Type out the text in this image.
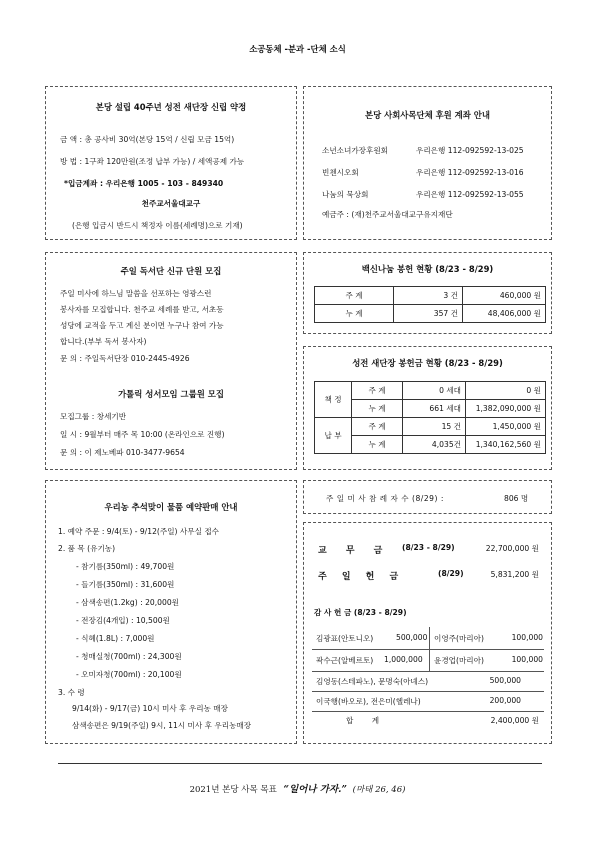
소공동체 -분과 -단체 소식
본당 설립 40주년 성전 새단장 신립 약정
금 액 : 총 공사비 30억(본당 15억 / 신립 모금 15억)
방 법 : 1구좌 120만원(조정 납부 가능) / 세액공제 가능
*입금계좌 : 우리은행 1005 - 103 - 849340
천주교서울대교구
(은행 입금시 반드시 책정자 이름(세례명)으로 기재)
본당 사회사목단체 후원 계좌 안내
소년소녀가장후원회	우리은행 112-092592-13-025
빈첸시오회	우리은행 112-092592-13-016
나눔의 묵상회	우리은행 112-092592-13-055
예금주 : (재)천주교서울대교구유지재단
주일 독서단 신규 단원 모집
주일 미사에 하느님 말씀을 선포하는 영광스런
봉사자를 모집합니다. 천주교 세례를 받고, 서초동
성당에 교적을 두고 계신 분이면 누구나 참여 가능
합니다.(부부 독서 봉사자)
문 의 : 주일독서단장 010-2445-4926
가톨릭 성서모임 그룹원 모집
모집그룹 : 창세기반
일 시 : 9월부터 매주 목 10:00 (온라인으로 진행)
문 의 : 이 제노베파 010-3477-9654
백신나눔 봉헌 현황 (8/23 - 8/29)
주 계	3 건	460,000 원
누 계	357 건	48,406,000 원
성전 새단장 봉헌금 현황 (8/23 - 8/29)
책 정	주 계	0 세대	0 원
	누 계	661 세대	1,382,090,000 원
납 부	주 계	15 건	1,450,000 원
	누 계	4,035건	1,340,162,560 원
우리농 추석맞이 물품 예약판매 안내
1. 예약 주문 : 9/4(토) - 9/12(주일) 사무실 접수
2. 품 목 (유기농)
- 참기름(350ml) : 49,700원
- 들기름(350ml) : 31,600원
- 삼색송편(1.2kg) : 20,000원
- 전장김(4개입) : 10,500원
- 식혜(1.8L) : 7,000원
- 청매실청(700ml) : 24,300원
- 오미자청(700ml) : 20,100원
3. 수 령
9/14(화) - 9/17(금) 10시 미사 후 우리농 매장
삼색송편은 9/19(주일) 9시, 11시 미사 후 우리농매장
주 일 미 사 참 례 자 수 (8/29) :	806 명
교 무 금 (8/23 - 8/29)	22,700,000 원
주 일 헌 금	(8/29)	5,831,200 원
감 사 헌 금 (8/23 - 8/29)
김광표(안토니오)	500,000 이영주(마리아)	100,000
곽수근(알베르토) 1,000,000 윤경업(마리아)	100,000
김영동(스테파노), 문명숙(아녜스)	500,000
이국행(바오로), 전은미(헬레나)	200,000
합 계	2,400,000 원
2021년 본당 사목 목표 “일어나 가자.” (마태 26, 46)
